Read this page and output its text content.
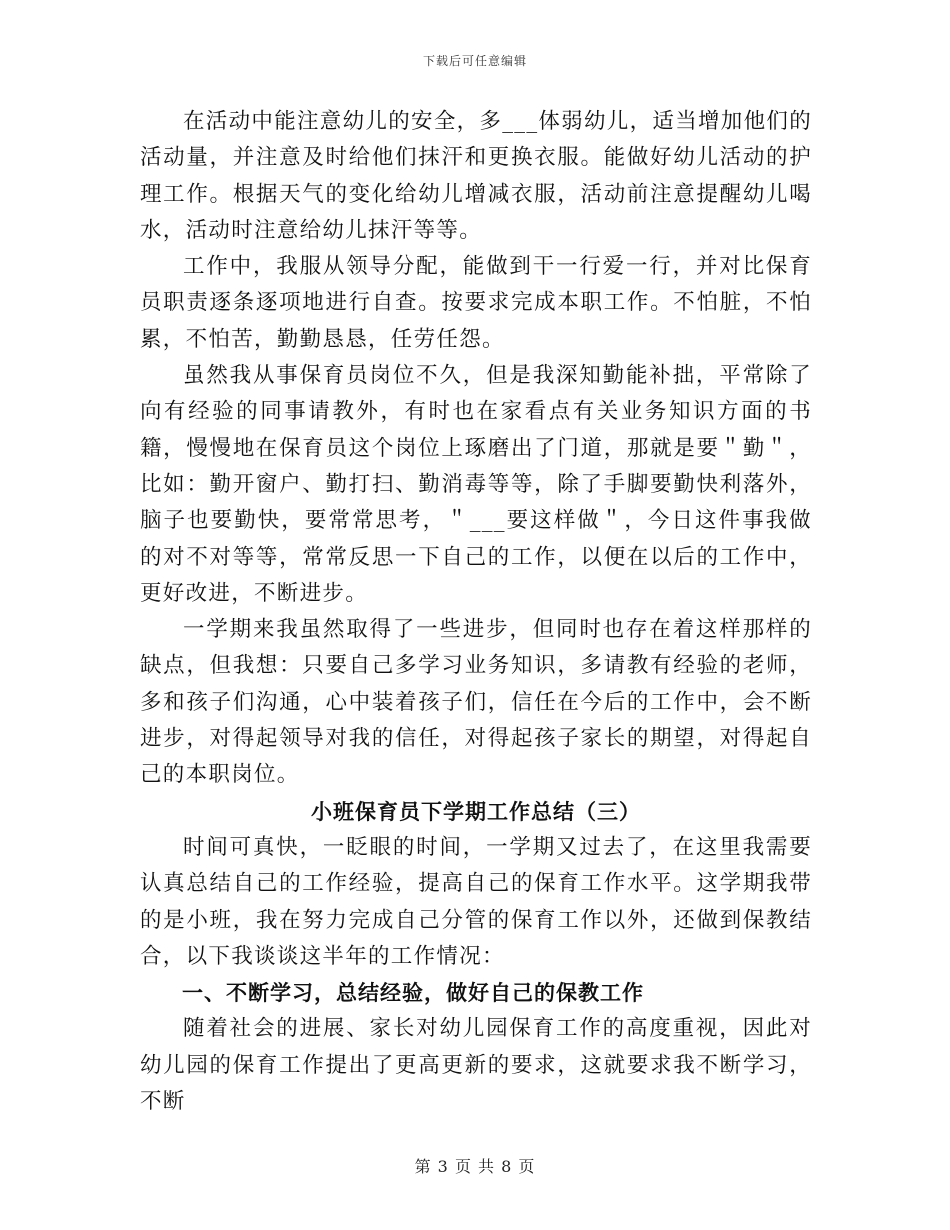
下载后可任意编辑

在活动中能注意幼儿的安全，多___体弱幼儿，适当增加他们的活动量，并注意及时给他们抹汗和更换衣服。能做好幼儿活动的护理工作。根据天气的变化给幼儿增减衣服，活动前注意提醒幼儿喝水，活动时注意给幼儿抹汗等等。

工作中，我服从领导分配，能做到干一行爱一行，并对比保育员职责逐条逐项地进行自查。按要求完成本职工作。不怕脏，不怕累，不怕苦，勤勤恳恳，任劳任怨。

虽然我从事保育员岗位不久，但是我深知勤能补拙，平常除了向有经验的同事请教外，有时也在家看点有关业务知识方面的书籍，慢慢地在保育员这个岗位上琢磨出了门道，那就是要＂勤＂，比如：勤开窗户、勤打扫、勤消毒等等，除了手脚要勤快利落外，脑子也要勤快，要常常思考，＂___要这样做＂，今日这件事我做的对不对等等，常常反思一下自己的工作，以便在以后的工作中，更好改进，不断进步。

一学期来我虽然取得了一些进步，但同时也存在着这样那样的缺点，但我想：只要自己多学习业务知识，多请教有经验的老师，多和孩子们沟通，心中装着孩子们，信任在今后的工作中，会不断进步，对得起领导对我的信任，对得起孩子家长的期望，对得起自己的本职岗位。

小班保育员下学期工作总结（三）

时间可真快，一眨眼的时间，一学期又过去了，在这里我需要认真总结自己的工作经验，提高自己的保育工作水平。这学期我带的是小班，我在努力完成自己分管的保育工作以外，还做到保教结合，以下我谈谈这半年的工作情况：

一、不断学习，总结经验，做好自己的保教工作

随着社会的进展、家长对幼儿园保育工作的高度重视，因此对幼儿园的保育工作提出了更高更新的要求，这就要求我不断学习，不断

第 3 页 共 8 页
